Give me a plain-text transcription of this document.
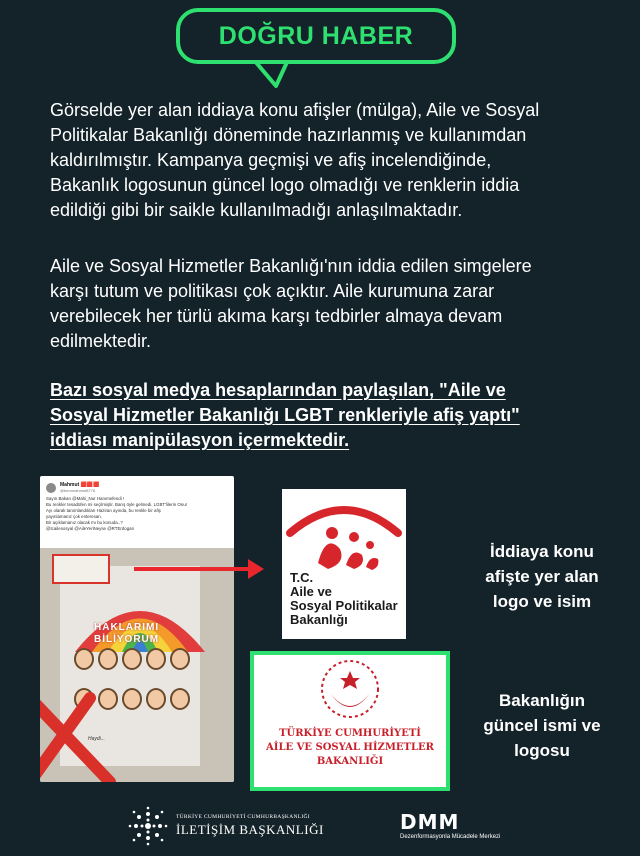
DOĞRU HABER
Görselde yer alan iddiaya konu afişler (mülga), Aile ve Sosyal
Politikalar Bakanlığı döneminde hazırlanmış ve kullanımdan
kaldırılmıştır. Kampanya geçmişi ve afiş incelendiğinde,
Bakanlık logosunun güncel logo olmadığı ve renklerin iddia
edildiği gibi bir saikle kullanılmadığı anlaşılmaktadır.
Aile ve Sosyal Hizmetler Bakanlığı'nın iddia edilen simgelere
karşı tutum ve politikası çok açıktır. Aile kurumuna zarar
verebilecek her türlü akıma karşı tedbirler almaya devam
edilmektedir.
Bazı sosyal medya hesaplarından paylaşılan, "Aile ve
Sosyal Hizmetler Bakanlığı LGBT renkleriyle afiş yaptı"
iddiası manipülasyon içermektedir.
Mahmut 🟥🟥🟥
@bemmahmut8776
Sayın Bakan @Mahi_Nur Hanımefendi !
Bu renkler tesadüfen mi seçilmiştir. Barış öyle gelmedi. LGBT'lilerin Onur
Ayı olarak tanımlandıkları Haziran ayında, bu renkle bir afiş
yayınlamanız çok enteresan.
Bir açıklamanız olacak mı bu konuda..?
@tcailesosyal @AileYeriNeyse @RTErdogan
HAKLARIMI
BİLİYORUM
Haydi...
T.C.
Aile ve
Sosyal Politikalar
Bakanlığı
İddiaya konu
afişte yer alan
logo ve isim
TÜRKİYE CUMHURİYETİ
AİLE VE SOSYAL HİZMETLER
BAKANLIĞI
Bakanlığın
güncel ismi ve
logosu
TÜRKİYE CUMHURİYETİ CUMHURBAŞKANLIĞI
İLETİŞİM BAŞKANLIĞI	DMM
Dezenformasyonla Mücadele Merkezi
